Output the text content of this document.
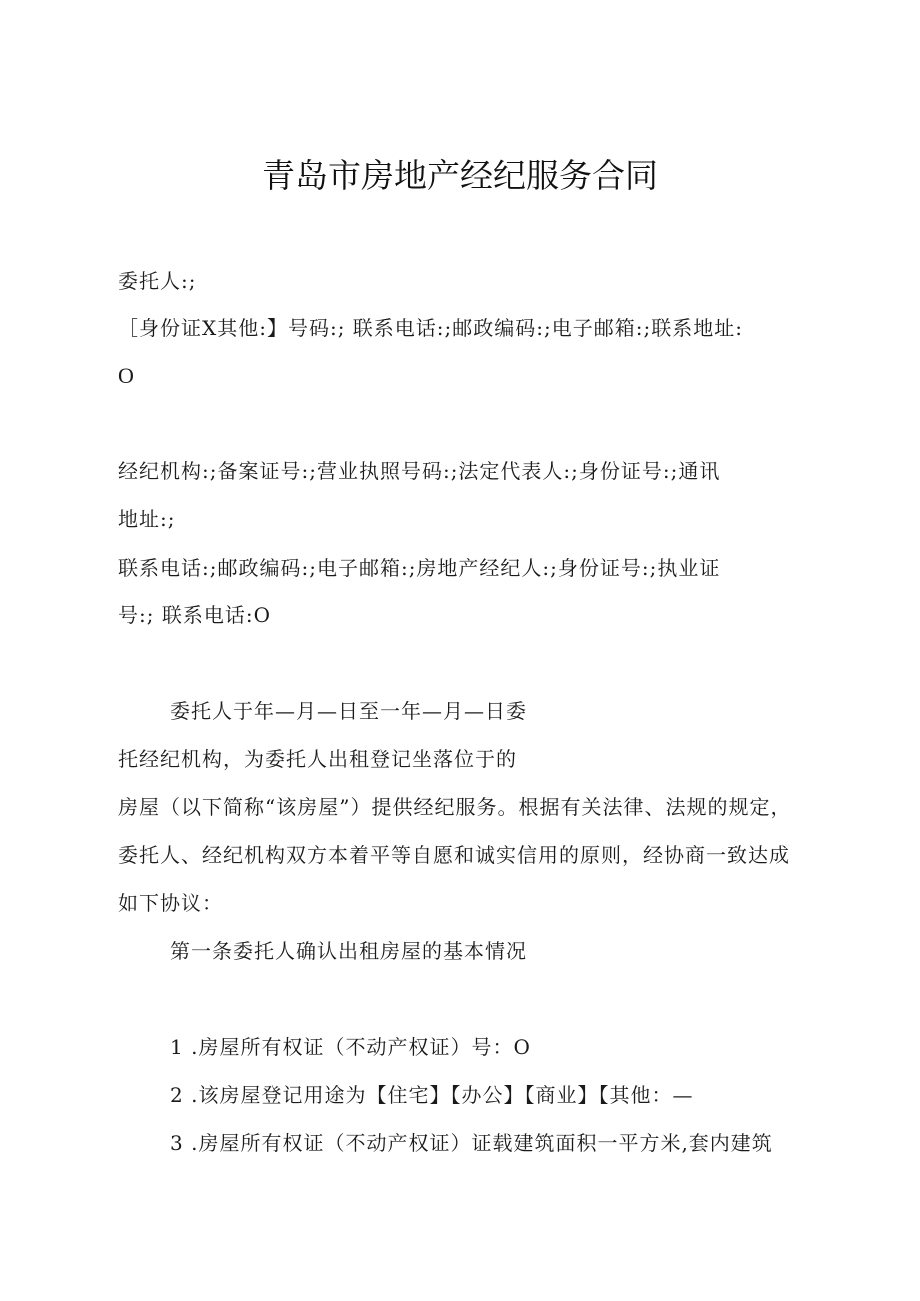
青岛市房地产经纪服务合同
委托人:;
［身份证X其他:】号码:; 联系电话:;邮政编码:;电子邮箱:;联系地址:
O
经纪机构:;备案证号:;营业执照号码:;法定代表人:;身份证号:;通讯
地址:;
联系电话:;邮政编码:;电子邮箱:;房地产经纪人:;身份证号:;执业证
号:; 联系电话:O
委托人于年—月—日至一年—月—日委
托经纪机构，为委托人出租登记坐落位于的
房屋（以下简称“该房屋”）提供经纪服务。根据有关法律、法规的规定，
委托人、经纪机构双方本着平等自愿和诚实信用的原则，经协商一致达成
如下协议：
第一条委托人确认出租房屋的基本情况
1 .房屋所有权证（不动产权证）号：O
2 .该房屋登记用途为【住宅】【办公】【商业】【其他：—
3 .房屋所有权证（不动产权证）证载建筑面积一平方米,套内建筑
